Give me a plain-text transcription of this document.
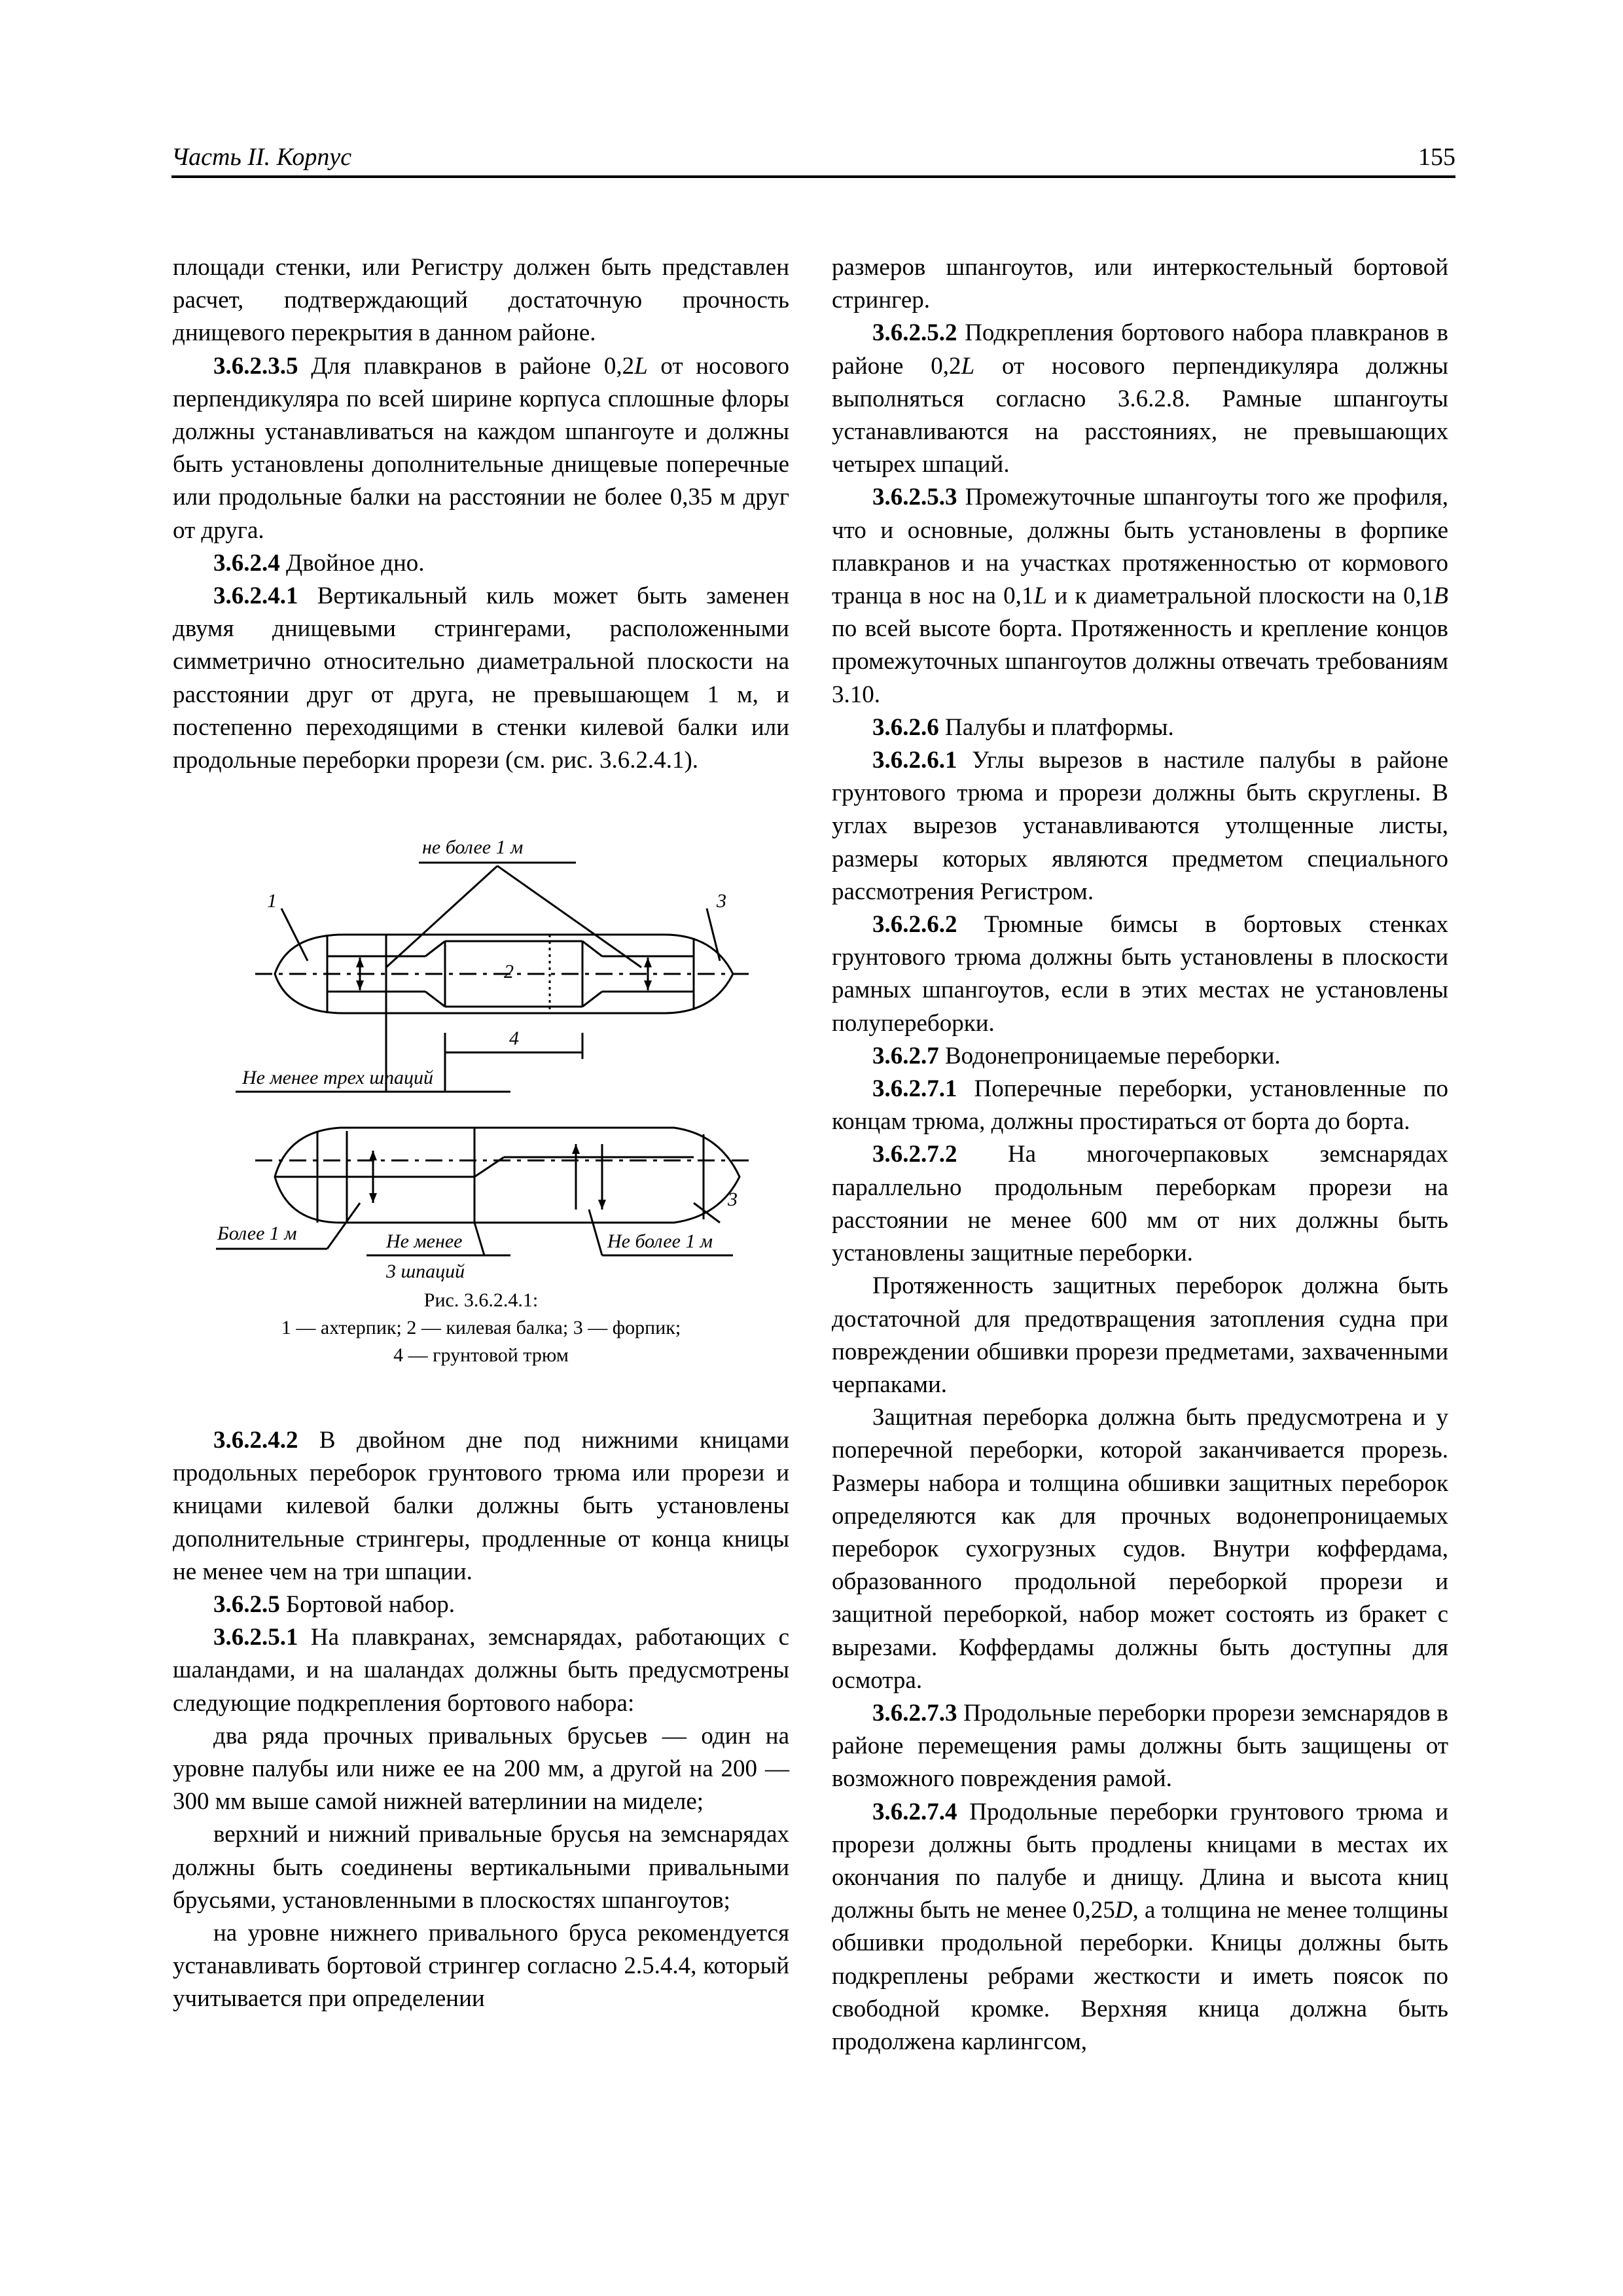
Часть II. Корпус	155

площади стенки, или Регистру должен быть представлен расчет, подтверждающий достаточную прочность днищевого перекрытия в данном районе.

3.6.2.3.5 Для плавкранов в районе 0,2L от носового перпендикуляра по всей ширине корпуса сплошные флоры должны устанавливаться на каждом шпангоуте и должны быть установлены дополнительные днищевые поперечные или продольные балки на расстоянии не более 0,35 м друг от друга.

3.6.2.4 Двойное дно.

3.6.2.4.1 Вертикальный киль может быть заменен двумя днищевыми стрингерами, расположенными симметрично относительно диаметральной плоскости на расстоянии друг от друга, не превышающем 1 м, и постепенно переходящими в стенки килевой балки или продольные переборки прорези (см. рис. 3.6.2.4.1).

3.6.2.4.2 В двойном дне под нижними кницами продольных переборок грунтового трюма или прорези и кницами килевой балки должны быть установлены дополнительные стрингеры, продленные от конца кницы не менее чем на три шпации.

3.6.2.5 Бортовой набор.

3.6.2.5.1 На плавкранах, земснарядах, работающих с шаландами, и на шаландах должны быть предусмотрены следующие подкрепления бортового набора:

два ряда прочных привальных брусьев — один на уровне палубы или ниже ее на 200 мм, а другой на 200 — 300 мм выше самой нижней ватерлинии на миделе;

верхний и нижний привальные брусья на земснарядах должны быть соединены вертикальными привальными брусьями, установленными в плоскостях шпангоутов;

на уровне нижнего привального бруса рекомендуется устанавливать бортовой стрингер согласно 2.5.4.4, который учитывается при определении

не более 1 м
1
2
3
4
Не менее трех шпаций
3
Более 1 м	Не менее
3 шпаций
Не более 1 м
Рис. 3.6.2.4.1:
1 — ахтерпик; 2 — килевая балка; 3 — форпик;
4 — грунтовой трюм

размеров шпангоутов, или интеркостельный бортовой стрингер.

3.6.2.5.2 Подкрепления бортового набора плавкранов в районе 0,2L от носового перпендикуляра должны выполняться согласно 3.6.2.8. Рамные шпангоуты устанавливаются на расстояниях, не превышающих четырех шпаций.

3.6.2.5.3 Промежуточные шпангоуты того же профиля, что и основные, должны быть установлены в форпике плавкранов и на участках протяженностью от кормового транца в нос на 0,1L и к диаметральной плоскости на 0,1B по всей высоте борта. Протяженность и крепление концов промежуточных шпангоутов должны отвечать требованиям 3.10.

3.6.2.6 Палубы и платформы.

3.6.2.6.1 Углы вырезов в настиле палубы в районе грунтового трюма и прорези должны быть скруглены. В углах вырезов устанавливаются утолщенные листы, размеры которых являются предметом специального рассмотрения Регистром.

3.6.2.6.2 Трюмные бимсы в бортовых стенках грунтового трюма должны быть установлены в плоскости рамных шпангоутов, если в этих местах не установлены полупереборки.

3.6.2.7 Водонепроницаемые переборки.

3.6.2.7.1 Поперечные переборки, установленные по концам трюма, должны простираться от борта до борта.

3.6.2.7.2 На многочерпаковых земснарядах параллельно продольным переборкам прорези на расстоянии не менее 600 мм от них должны быть установлены защитные переборки.

Протяженность защитных переборок должна быть достаточной для предотвращения затопления судна при повреждении обшивки прорези предметами, захваченными черпаками.

Защитная переборка должна быть предусмотрена и у поперечной переборки, которой заканчивается прорезь. Размеры набора и толщина обшивки защитных переборок определяются как для прочных водонепроницаемых переборок сухогрузных судов. Внутри коффердама, образованного продольной переборкой прорези и защитной переборкой, набор может состоять из бракет с вырезами. Коффердамы должны быть доступны для осмотра.

3.6.2.7.3 Продольные переборки прорези земснарядов в районе перемещения рамы должны быть защищены от возможного повреждения рамой.

3.6.2.7.4 Продольные переборки грунтового трюма и прорези должны быть продлены кницами в местах их окончания по палубе и днищу. Длина и высота книц должны быть не менее 0,25D, а толщина не менее толщины обшивки продольной переборки. Кницы должны быть подкреплены ребрами жесткости и иметь поясок по свободной кромке. Верхняя кница должна быть продолжена карлингсом,
